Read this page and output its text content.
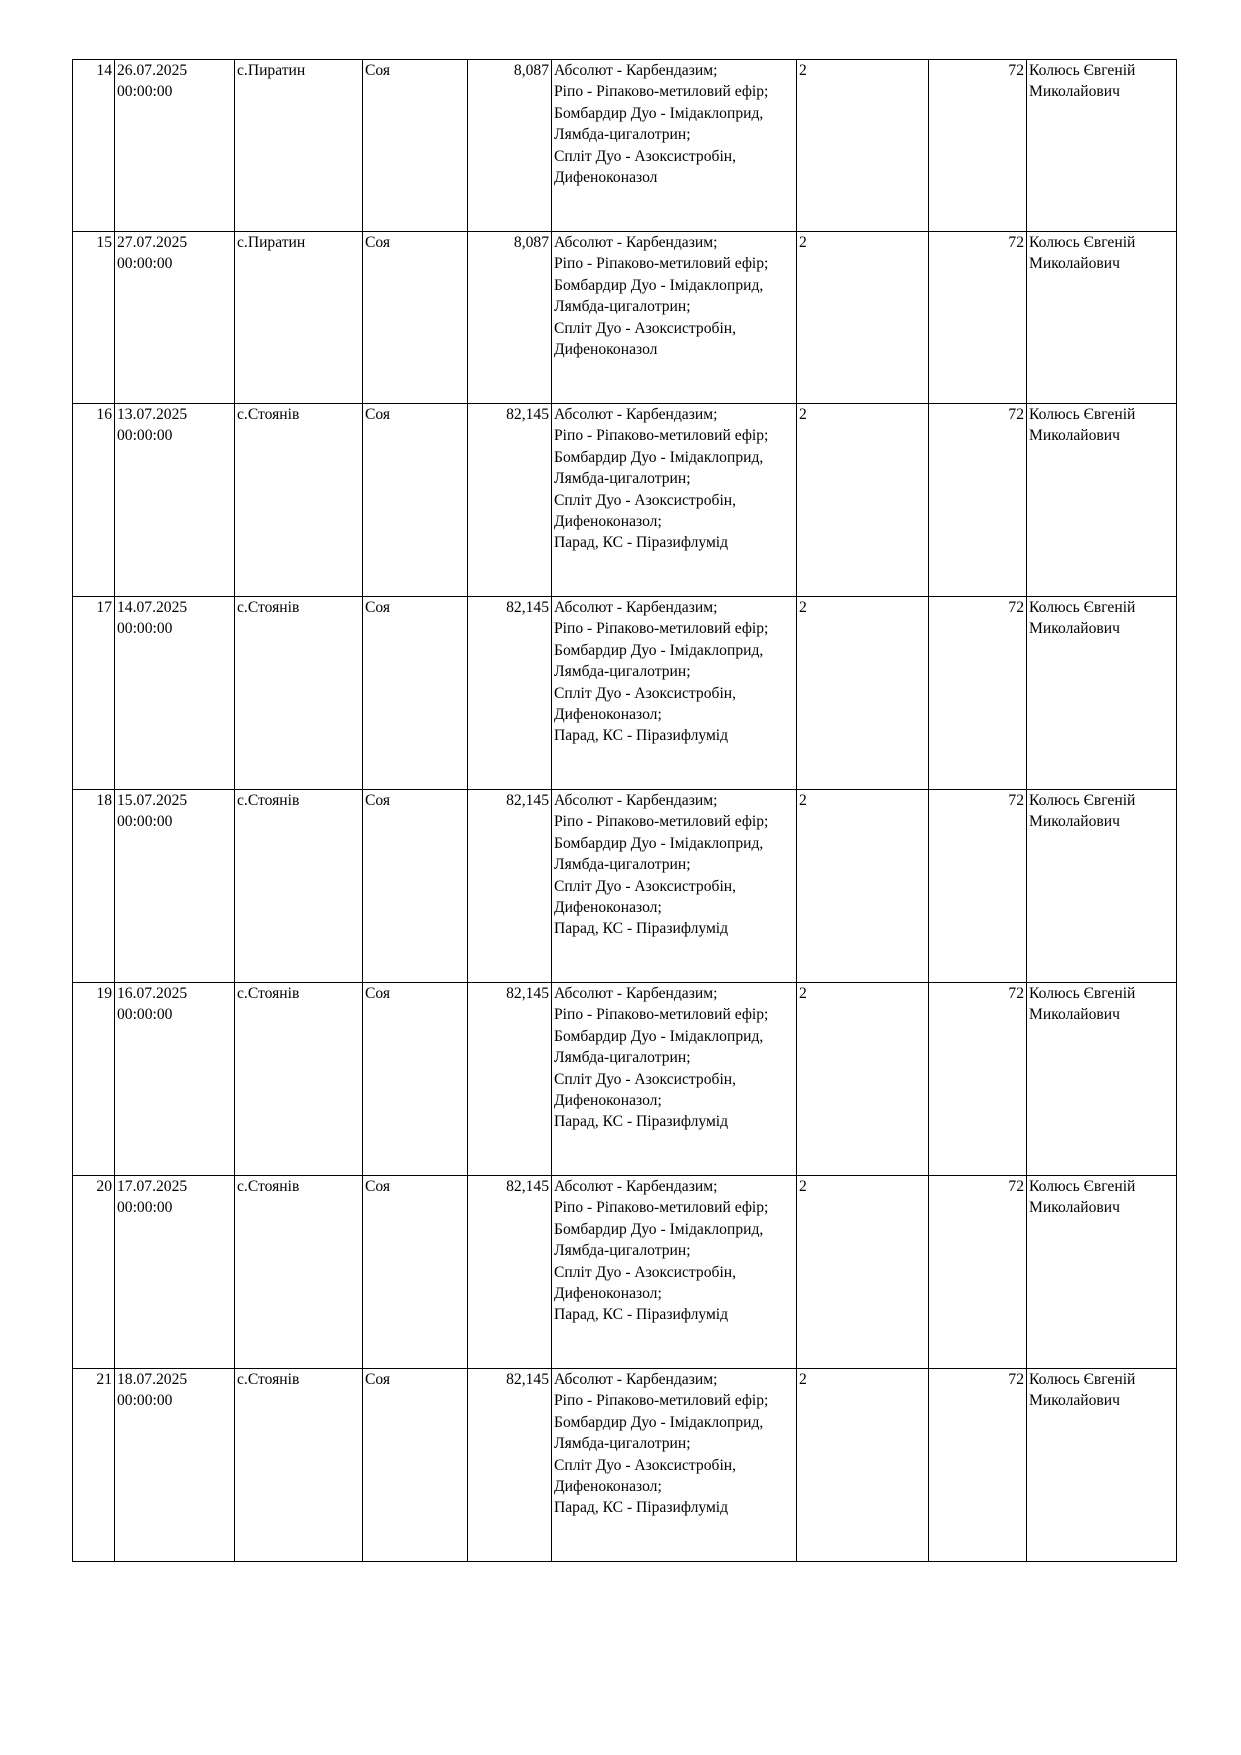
14	26.07.2025
00:00:00	с.Пиратин	Соя	8,087	Абсолют - Карбендазим;
Ріпо - Ріпаково-метиловий ефір;
Бомбардир Дуо - Імідаклоприд, Лямбда-цигалотрин;
Спліт Дуо - Азоксистробін, Дифеноконазол	2	72	Колюсь Євгеній Миколайович
15	27.07.2025
00:00:00	с.Пиратин	Соя	8,087	Абсолют - Карбендазим;
Ріпо - Ріпаково-метиловий ефір;
Бомбардир Дуо - Імідаклоприд, Лямбда-цигалотрин;
Спліт Дуо - Азоксистробін, Дифеноконазол	2	72	Колюсь Євгеній Миколайович
16	13.07.2025
00:00:00	с.Стоянів	Соя	82,145	Абсолют - Карбендазим;
Ріпо - Ріпаково-метиловий ефір;
Бомбардир Дуо - Імідаклоприд, Лямбда-цигалотрин;
Спліт Дуо - Азоксистробін, Дифеноконазол;
Парад, КС - Піразифлумід	2	72	Колюсь Євгеній Миколайович
17	14.07.2025
00:00:00	с.Стоянів	Соя	82,145	Абсолют - Карбендазим;
Ріпо - Ріпаково-метиловий ефір;
Бомбардир Дуо - Імідаклоприд, Лямбда-цигалотрин;
Спліт Дуо - Азоксистробін, Дифеноконазол;
Парад, КС - Піразифлумід	2	72	Колюсь Євгеній Миколайович
18	15.07.2025
00:00:00	с.Стоянів	Соя	82,145	Абсолют - Карбендазим;
Ріпо - Ріпаково-метиловий ефір;
Бомбардир Дуо - Імідаклоприд, Лямбда-цигалотрин;
Спліт Дуо - Азоксистробін, Дифеноконазол;
Парад, КС - Піразифлумід	2	72	Колюсь Євгеній Миколайович
19	16.07.2025
00:00:00	с.Стоянів	Соя	82,145	Абсолют - Карбендазим;
Ріпо - Ріпаково-метиловий ефір;
Бомбардир Дуо - Імідаклоприд, Лямбда-цигалотрин;
Спліт Дуо - Азоксистробін, Дифеноконазол;
Парад, КС - Піразифлумід	2	72	Колюсь Євгеній Миколайович
20	17.07.2025
00:00:00	с.Стоянів	Соя	82,145	Абсолют - Карбендазим;
Ріпо - Ріпаково-метиловий ефір;
Бомбардир Дуо - Імідаклоприд, Лямбда-цигалотрин;
Спліт Дуо - Азоксистробін, Дифеноконазол;
Парад, КС - Піразифлумід	2	72	Колюсь Євгеній Миколайович
21	18.07.2025
00:00:00	с.Стоянів	Соя	82,145	Абсолют - Карбендазим;
Ріпо - Ріпаково-метиловий ефір;
Бомбардир Дуо - Імідаклоприд, Лямбда-цигалотрин;
Спліт Дуо - Азоксистробін, Дифеноконазол;
Парад, КС - Піразифлумід	2	72	Колюсь Євгеній Миколайович
